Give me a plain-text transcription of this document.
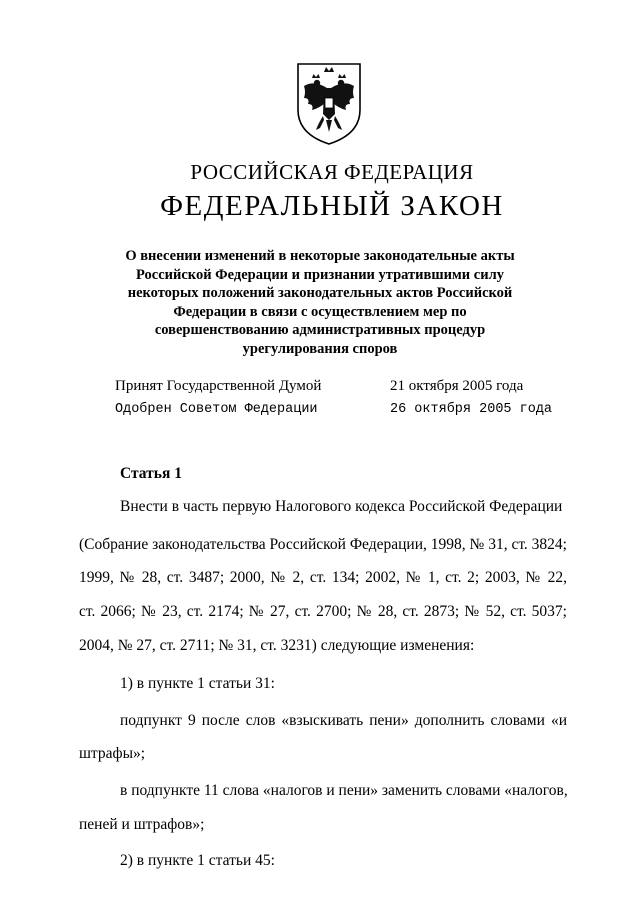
РОССИЙСКАЯ ФЕДЕРАЦИЯ
ФЕДЕРАЛЬНЫЙ ЗАКОН
О внесении изменений в некоторые законодательные акты
Российской Федерации и признании утратившими силу
некоторых положений законодательных актов Российской
Федерации в связи с осуществлением мер по
совершенствованию административных процедур
урегулирования споров
Принят Государственной Думой	21 октября 2005 года
Одобрен Советом Федерации	26 октября 2005 года
Статья 1
Внести в часть первую Налогового кодекса Российской Федерации
(Собрание законодательства Российской Федерации, 1998, № 31, ст. 3824;
1999, № 28, ст. 3487; 2000, № 2, ст. 134; 2002, № 1, ст. 2; 2003, № 22,
ст. 2066; № 23, ст. 2174; № 27, ст. 2700; № 28, ст. 2873; № 52, ст. 5037;
2004, № 27, ст. 2711; № 31, ст. 3231) следующие изменения:
1) в пункте 1 статьи 31:
подпункт 9 после слов «взыскивать пени» дополнить словами «и
штрафы»;
в подпункте 11 слова «налогов и пени» заменить словами «налогов,
пеней и штрафов»;
2) в пункте 1 статьи 45:
